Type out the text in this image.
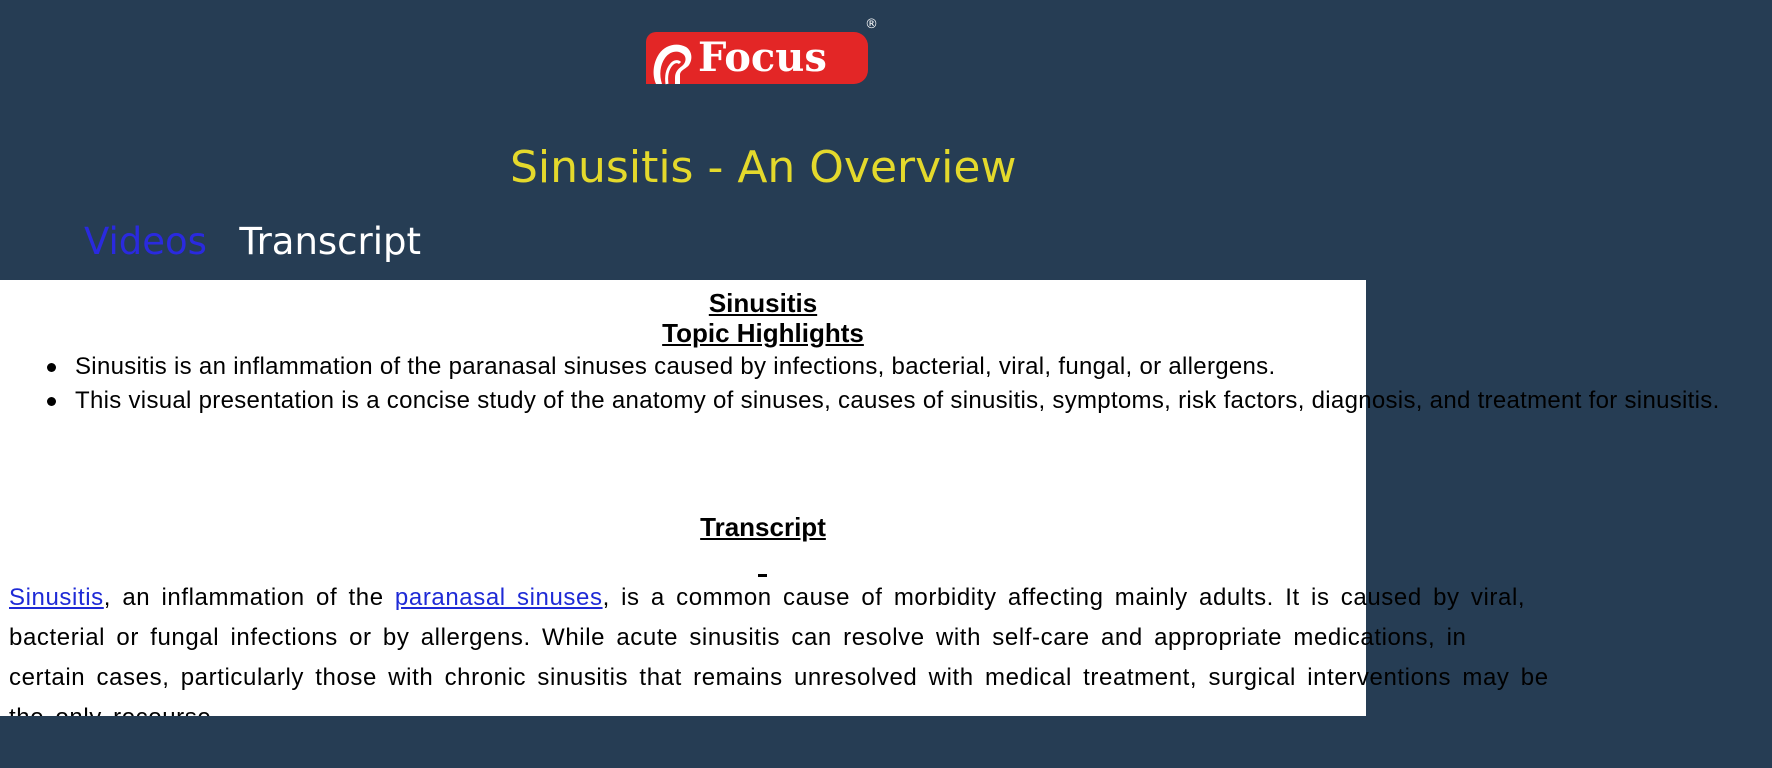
Focus
®
Sinusitis - An Overview
Videos Transcript
Sinusitis
Topic Highlights
Sinusitis is an inflammation of the paranasal sinuses caused by infections, bacterial, viral, fungal, or allergens.
This visual presentation is a concise study of the anatomy of sinuses, causes of sinusitis, symptoms, risk factors, diagnosis, and treatment for sinusitis.
Transcript

Sinusitis, an inflammation of the paranasal sinuses, is a common cause of morbidity affecting mainly adults. It is caused by viral, bacterial or fungal infections or by allergens. While acute sinusitis can resolve with self-care and appropriate medications, in certain cases, particularly those with chronic sinusitis that remains unresolved with medical treatment, surgical interventions may be
